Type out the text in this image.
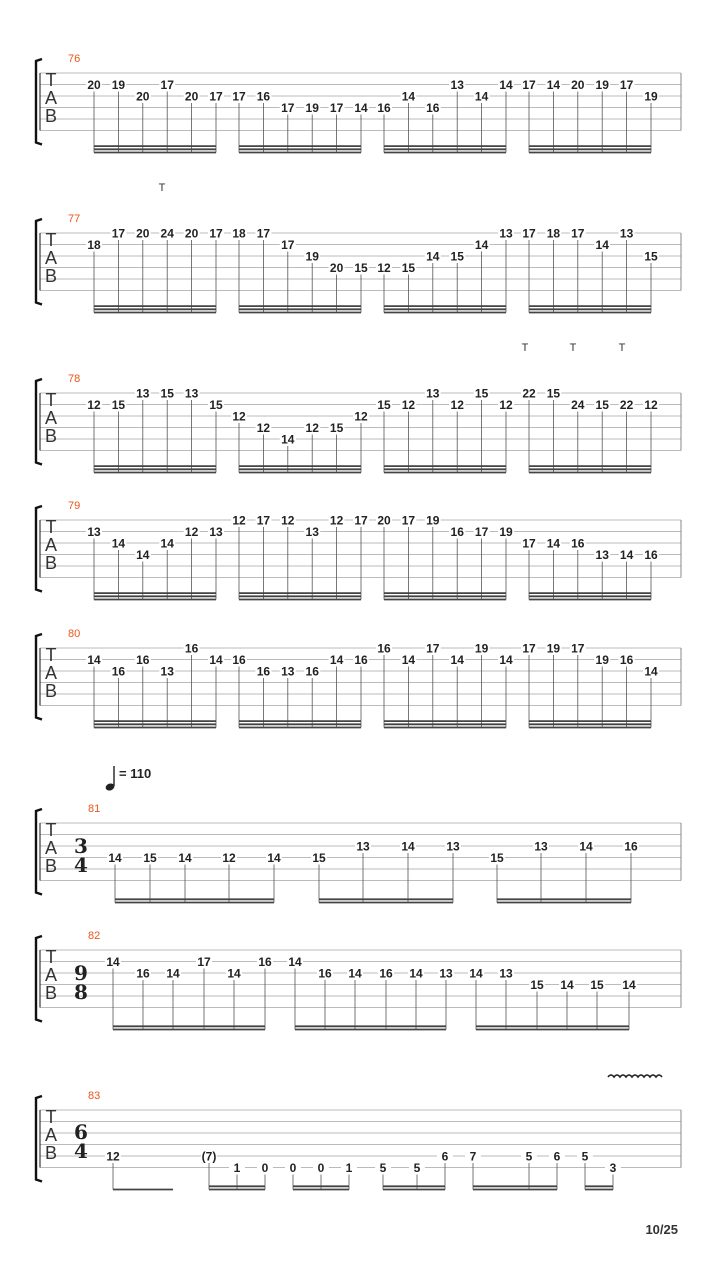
T
A
B
76
20 19
20
17
20 17 17 16
17 19 17 14 16
14
16
13
14
14 17 14 20 19 17
19
T
A
B
77
T
18
17 20 24 20 17 18 17
17
19
20 15 12 15
14 15
14
13 17 18 17
14
13
15
T
A
B
78
T	T	T
12 15
13 15 13
15
12
12
14
12 15
12
15 12
13
12
15
12
22 15
24 15 22 12
T
A
B
79
13
14
14
14
12 13
12 17 12
13
12 17 20 17 19
16 17 19
17 14 16
13 14 16
T
A
B
80
14
16
16
13
16
14 16
16 13 16
14 16
16
14
17
14
19
14
17 19 17
19 16
14
T
A
B
81
3
4 14 15 14	12	14	15
13	14	13
15
13	14	16
T
A
B
82
9
8
14
16 14
17
14
16 14
16 14 16 14 13 14 13
15 14 15 14
T
A
B
83
6
4 12	(7)
1 0 0 0 1 5 5
6 7	5 6 5
3
= 110
10/25
